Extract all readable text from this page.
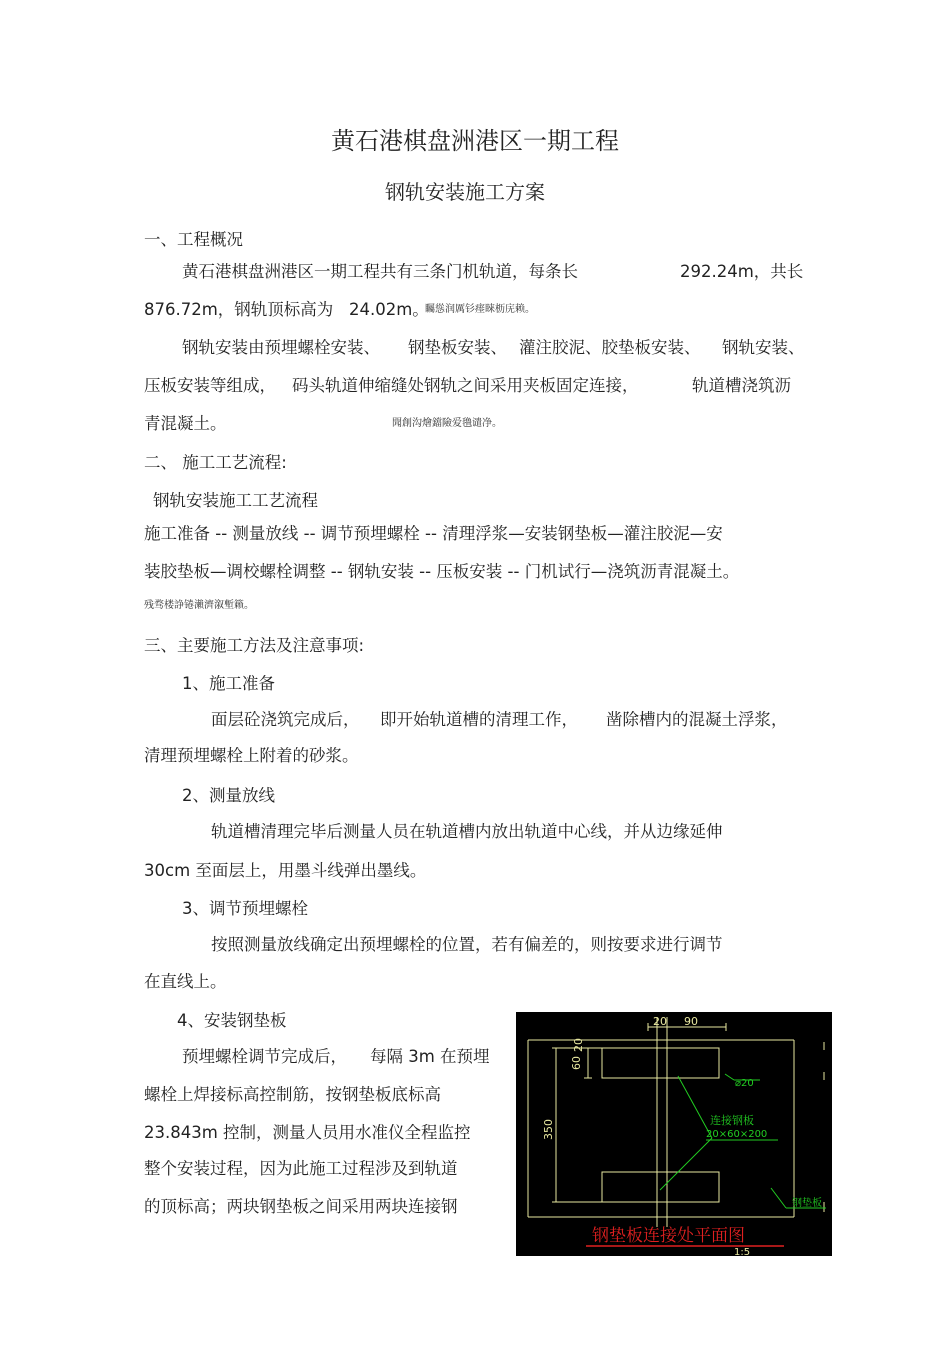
黄石港棋盘洲港区一期工程
钢轨安装施工方案
一、工程概况
黄石港棋盘洲港区一期工程共有三条门机轨道，每条长	292.24m，共长
876.72m，钢轨顶标高为 24.02m。
矚慫润厲钐瘗睞枥庑赖。
钢轨安装由预埋螺栓安装、 钢垫板安装、 灌注胶泥、胶垫板安装、 钢轨安装、
压板安装等组成， 码头轨道伸缩缝处钢轨之间采用夹板固定连接，	轨道槽浇筑沥
青混凝土。	聞創沟燴鐺險爱氇谴净。
二、 施工工艺流程:
钢轨安装施工工艺流程
施工准备 -- 测量放线 -- 调节预埋螺栓 -- 清理浮浆—安装钢垫板—灌注胶泥—安
装胶垫板—调校螺栓调整 -- 钢轨安装 -- 压板安装 -- 门机试行—浇筑沥青混凝土。
残骛楼諍锩瀨濟溆塹籟。
三、主要施工方法及注意事项:
1、施工准备
面层砼浇筑完成后， 即开始轨道槽的清理工作， 凿除槽内的混凝土浮浆，
清理预埋螺栓上附着的砂浆。
2、测量放线
轨道槽清理完毕后测量人员在轨道槽内放出轨道中心线，并从边缘延伸
30cm 至面层上，用墨斗线弹出墨线。
3、调节预埋螺栓
按照测量放线确定出预埋螺栓的位置，若有偏差的，则按要求进行调节
在直线上。
4、安装钢垫板
预埋螺栓调节完成后， 每隔 3m 在预埋
螺栓上焊接标高控制筋，按钢垫板底标高
23.843m 控制，测量人员用水准仪全程监控
整个安装过程，因为此施工过程涉及到轨道
的顶标高；两块钢垫板之间采用两块连接钢
20 90
60
20
350
⌀20
连接钢板
20×60×200
钢垫板
钢垫板连接处平面图
1:5
